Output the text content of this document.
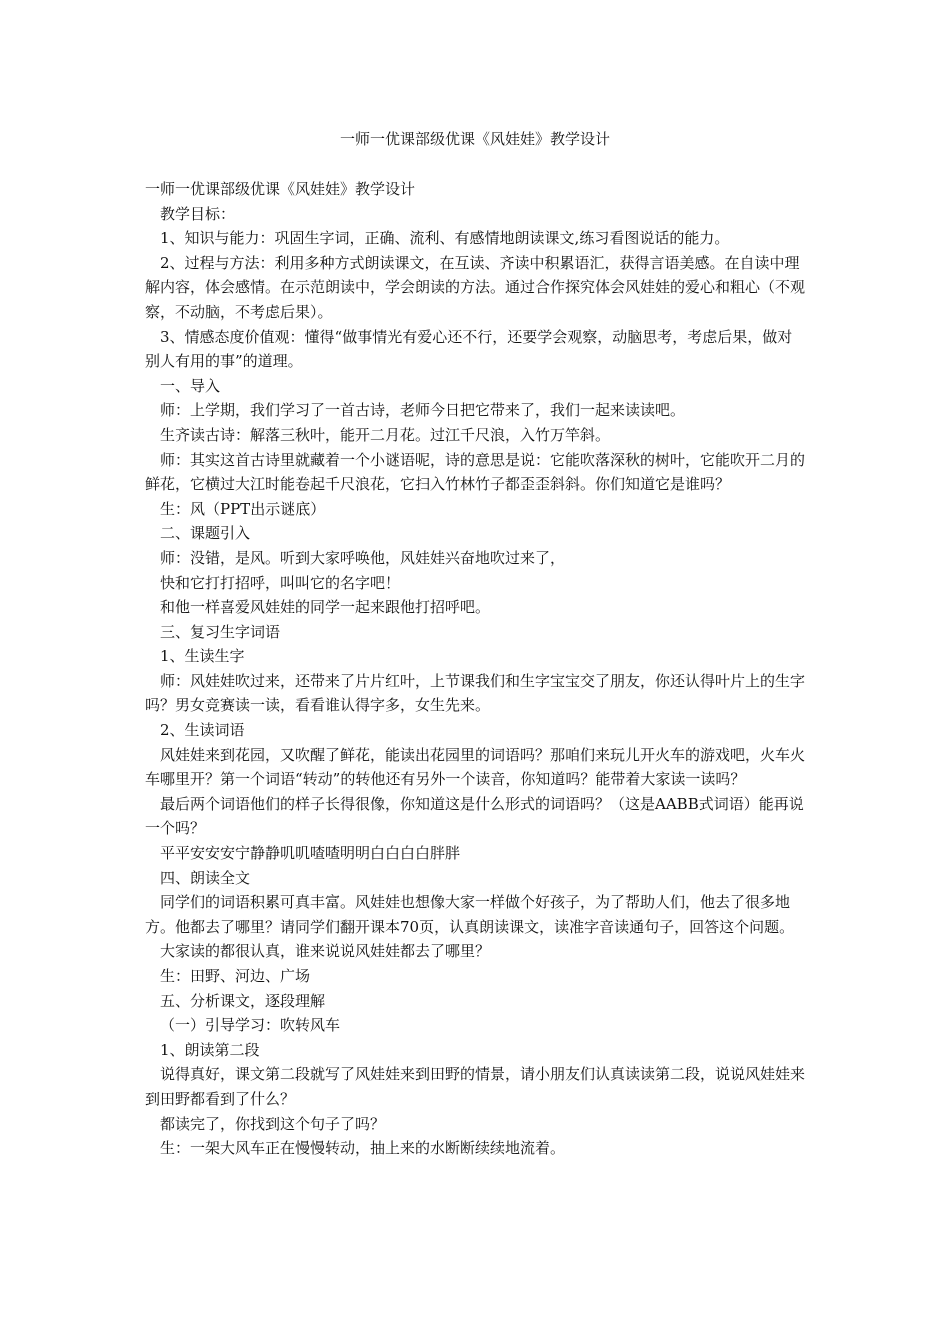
一师一优课部级优课《风娃娃》教学设计

一师一优课部级优课《风娃娃》教学设计

教学目标：

1、知识与能力：巩固生字词，正确、流利、有感情地朗读课文,练习看图说话的能力。

2、过程与方法：利用多种方式朗读课文，在互读、齐读中积累语汇，获得言语美感。在自读中理解内容，体会感情。在示范朗读中，学会朗读的方法。通过合作探究体会风娃娃的爱心和粗心（不观察，不动脑，不考虑后果）。

3、情感态度价值观：懂得“做事情光有爱心还不行，还要学会观察，动脑思考，考虑后果，做对别人有用的事”的道理。

一、导入

师：上学期，我们学习了一首古诗，老师今日把它带来了，我们一起来读读吧。

生齐读古诗：解落三秋叶，能开二月花。过江千尺浪，入竹万竿斜。

师：其实这首古诗里就藏着一个小谜语呢，诗的意思是说：它能吹落深秋的树叶，它能吹开二月的鲜花，它横过大江时能卷起千尺浪花，它扫入竹林竹子都歪歪斜斜。你们知道它是谁吗？

生：风（PPT出示谜底）

二、课题引入

师：没错，是风。听到大家呼唤他，风娃娃兴奋地吹过来了，

快和它打打招呼，叫叫它的名字吧！

和他一样喜爱风娃娃的同学一起来跟他打招呼吧。

三、复习生字词语

1、生读生字

师：风娃娃吹过来，还带来了片片红叶，上节课我们和生字宝宝交了朋友，你还认得叶片上的生字吗？男女竞赛读一读，看看谁认得字多，女生先来。

2、生读词语

风娃娃来到花园，又吹醒了鲜花，能读出花园里的词语吗？那咱们来玩儿开火车的游戏吧，火车火车哪里开？第一个词语“转动”的转他还有另外一个读音，你知道吗？能带着大家读一读吗？

最后两个词语他们的样子长得很像，你知道这是什么形式的词语吗？（这是AABB式词语）能再说一个吗？

平平安安安宁静静叽叽喳喳明明白白白白胖胖

四、朗读全文

同学们的词语积累可真丰富。风娃娃也想像大家一样做个好孩子，为了帮助人们，他去了很多地方。他都去了哪里？请同学们翻开课本70页，认真朗读课文，读准字音读通句子，回答这个问题。

大家读的都很认真，谁来说说风娃娃都去了哪里？

生：田野、河边、广场

五、分析课文，逐段理解

（一）引导学习：吹转风车

1、朗读第二段

说得真好，课文第二段就写了风娃娃来到田野的情景，请小朋友们认真读读第二段，说说风娃娃来到田野都看到了什么？

都读完了，你找到这个句子了吗？

生：一架大风车正在慢慢转动，抽上来的水断断续续地流着。
